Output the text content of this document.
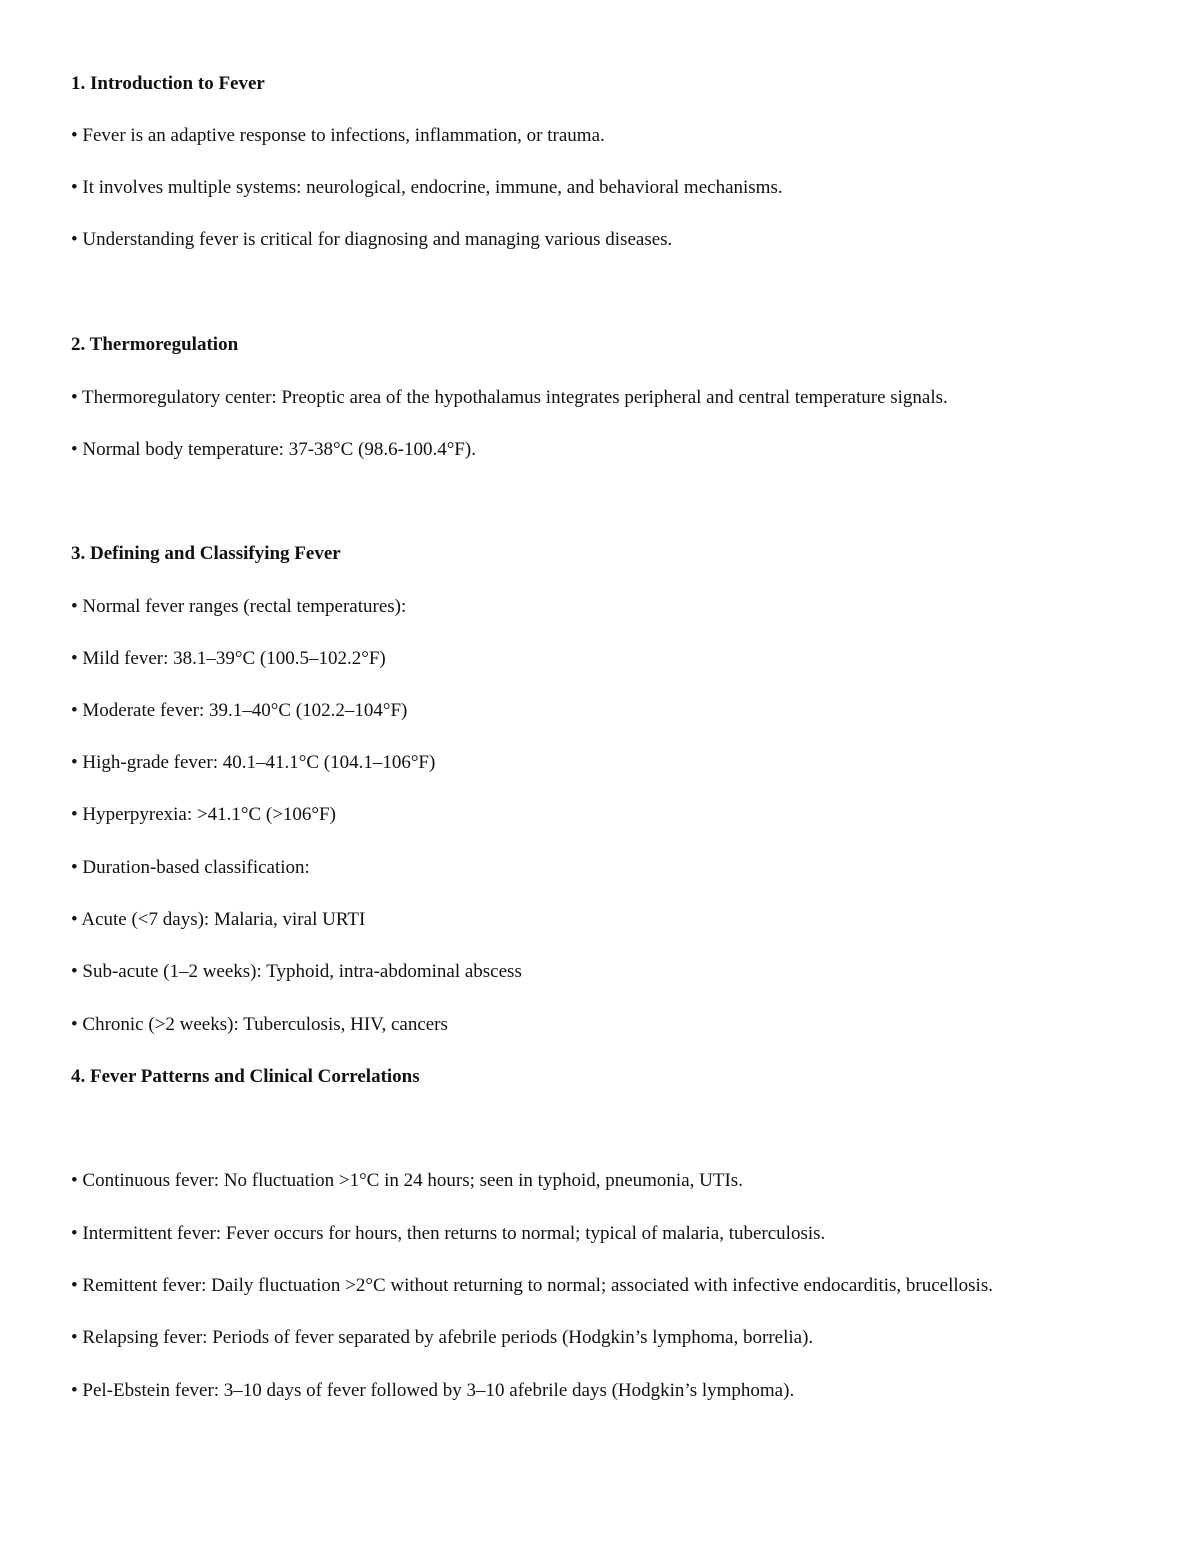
1. Introduction to Fever
• Fever is an adaptive response to infections, inflammation, or trauma.
• It involves multiple systems: neurological, endocrine, immune, and behavioral mechanisms.
• Understanding fever is critical for diagnosing and managing various diseases.
2. Thermoregulation
• Thermoregulatory center: Preoptic area of the hypothalamus integrates peripheral and central temperature signals.
• Normal body temperature: 37-38°C (98.6-100.4°F).
3. Defining and Classifying Fever
• Normal fever ranges (rectal temperatures):
• Mild fever: 38.1–39°C (100.5–102.2°F)
• Moderate fever: 39.1–40°C (102.2–104°F)
• High-grade fever: 40.1–41.1°C (104.1–106°F)
• Hyperpyrexia: >41.1°C (>106°F)
• Duration-based classification:
• Acute (<7 days): Malaria, viral URTI
• Sub-acute (1–2 weeks): Typhoid, intra-abdominal abscess
• Chronic (>2 weeks): Tuberculosis, HIV, cancers
4. Fever Patterns and Clinical Correlations
• Continuous fever: No fluctuation >1°C in 24 hours; seen in typhoid, pneumonia, UTIs.
• Intermittent fever: Fever occurs for hours, then returns to normal; typical of malaria, tuberculosis.
• Remittent fever: Daily fluctuation >2°C without returning to normal; associated with infective endocarditis, brucellosis.
• Relapsing fever: Periods of fever separated by afebrile periods (Hodgkin’s lymphoma, borrelia).
• Pel-Ebstein fever: 3–10 days of fever followed by 3–10 afebrile days (Hodgkin’s lymphoma).
